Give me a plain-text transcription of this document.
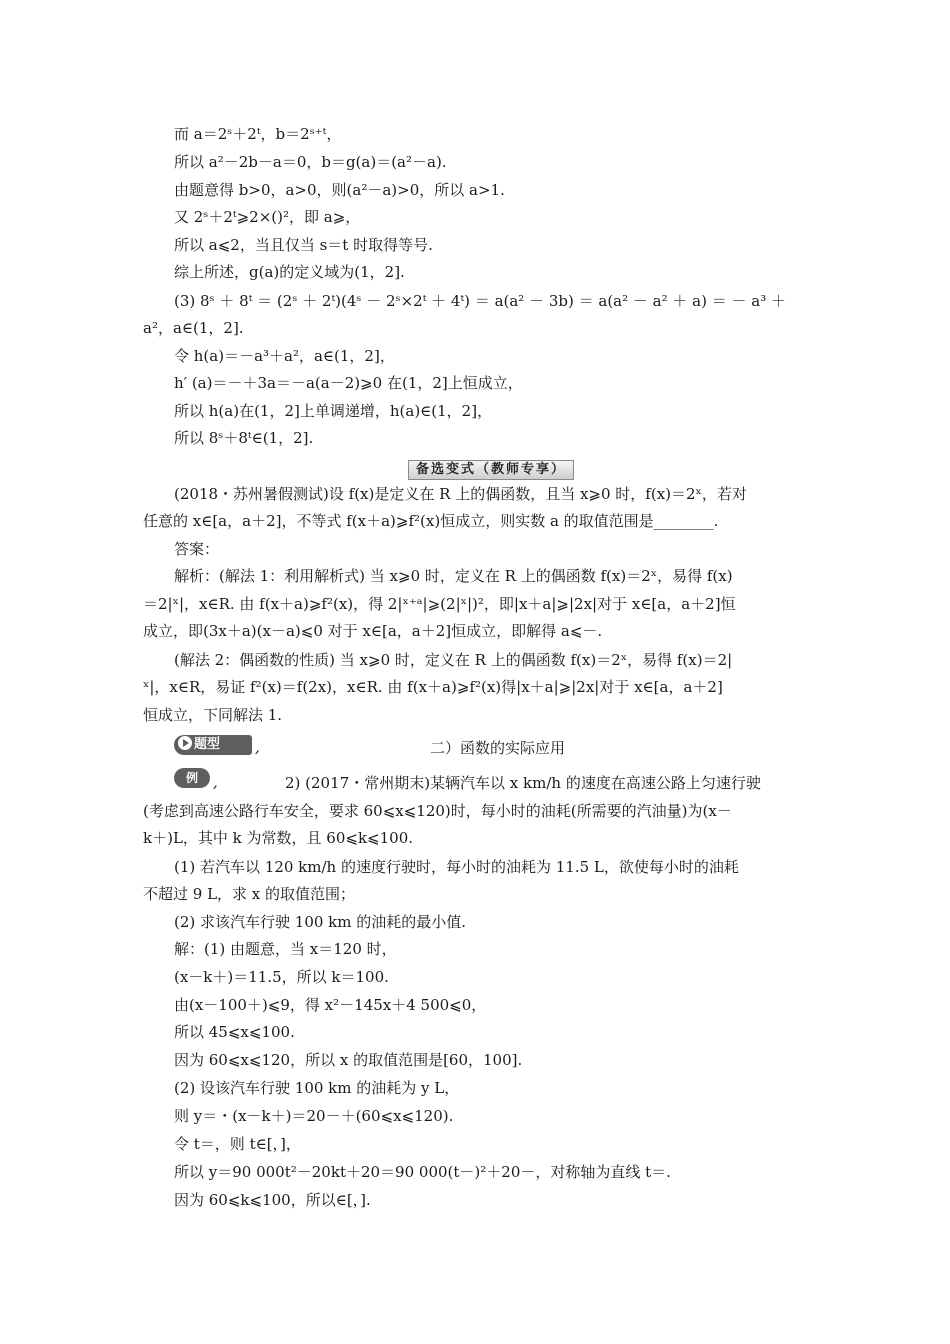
而 a＝2ˢ＋2ᵗ，b＝2ˢ⁺ᵗ，
所以 a²－2b－a＝0，b＝g(a)＝(a²－a).
由题意得 b>0，a>0，则(a²－a)>0，所以 a>1.
又 2ˢ＋2ᵗ⩾2×()²，即 a⩾，
所以 a⩽2，当且仅当 s＝t 时取得等号.
综上所述，g(a)的定义域为(1，2].
(3) 8ˢ ＋ 8ᵗ ＝ (2ˢ ＋ 2ᵗ)(4ˢ － 2ˢ×2ᵗ ＋ 4ᵗ) ＝ a(a² － 3b) ＝ a(a² － a² ＋ a) ＝ － a³ ＋
a²，a∈(1，2].
令 h(a)＝－a³＋a²，a∈(1，2]，
h′ (a)＝－＋3a＝－a(a－2)⩾0 在(1，2]上恒成立，
所以 h(a)在(1，2]上单调递增，h(a)∈(1，2]，
所以 8ˢ＋8ᵗ∈(1，2].
备选变式（教师专享）
(2018・苏州暑假测试)设 f(x)是定义在 R 上的偶函数，且当 x⩾0 时，f(x)＝2ˣ，若对
任意的 x∈[a，a＋2]，不等式 f(x＋a)⩾f²(x)恒成立，则实数 a 的取值范围是________.
答案：
解析：(解法 1：利用解析式) 当 x⩾0 时，定义在 R 上的偶函数 f(x)＝2ˣ，易得 f(x)
＝2|ˣ|，x∈R. 由 f(x＋a)⩾f²(x)，得 2|ˣ⁺ᵃ|⩾(2|ˣ|)²，即|x＋a|⩾|2x|对于 x∈[a，a＋2]恒
成立，即(3x＋a)(x－a)⩽0 对于 x∈[a，a＋2]恒成立，即解得 a⩽－.
(解法 2：偶函数的性质) 当 x⩾0 时，定义在 R 上的偶函数 f(x)＝2ˣ，易得 f(x)＝2|
ˣ|，x∈R，易证 f²(x)＝f(2x)，x∈R. 由 f(x＋a)⩾f²(x)得|x＋a|⩾|2x|对于 x∈[a，a＋2]
恒成立，下同解法 1.
题型	,	二）函数的实际应用
例	,	2) (2017・常州期末)某辆汽车以 x km/h 的速度在高速公路上匀速行驶
(考虑到高速公路行车安全，要求 60⩽x⩽120)时，每小时的油耗(所需要的汽油量)为(x－
k＋)L，其中 k 为常数，且 60⩽k⩽100.
(1) 若汽车以 120 km/h 的速度行驶时，每小时的油耗为 11.5 L，欲使每小时的油耗
不超过 9 L，求 x 的取值范围；
(2) 求该汽车行驶 100 km 的油耗的最小值.
解：(1) 由题意，当 x＝120 时，
(x－k＋)＝11.5，所以 k＝100.
由(x－100＋)⩽9，得 x²－145x＋4 500⩽0，
所以 45⩽x⩽100.
因为 60⩽x⩽120，所以 x 的取值范围是[60，100].
(2) 设该汽车行驶 100 km 的油耗为 y L，
则 y＝・(x－k＋)＝20－＋(60⩽x⩽120).
令 t＝，则 t∈[，]，
所以 y＝90 000t²－20kt＋20＝90 000(t－)²＋20－，对称轴为直线 t＝.
因为 60⩽k⩽100，所以∈[，].
